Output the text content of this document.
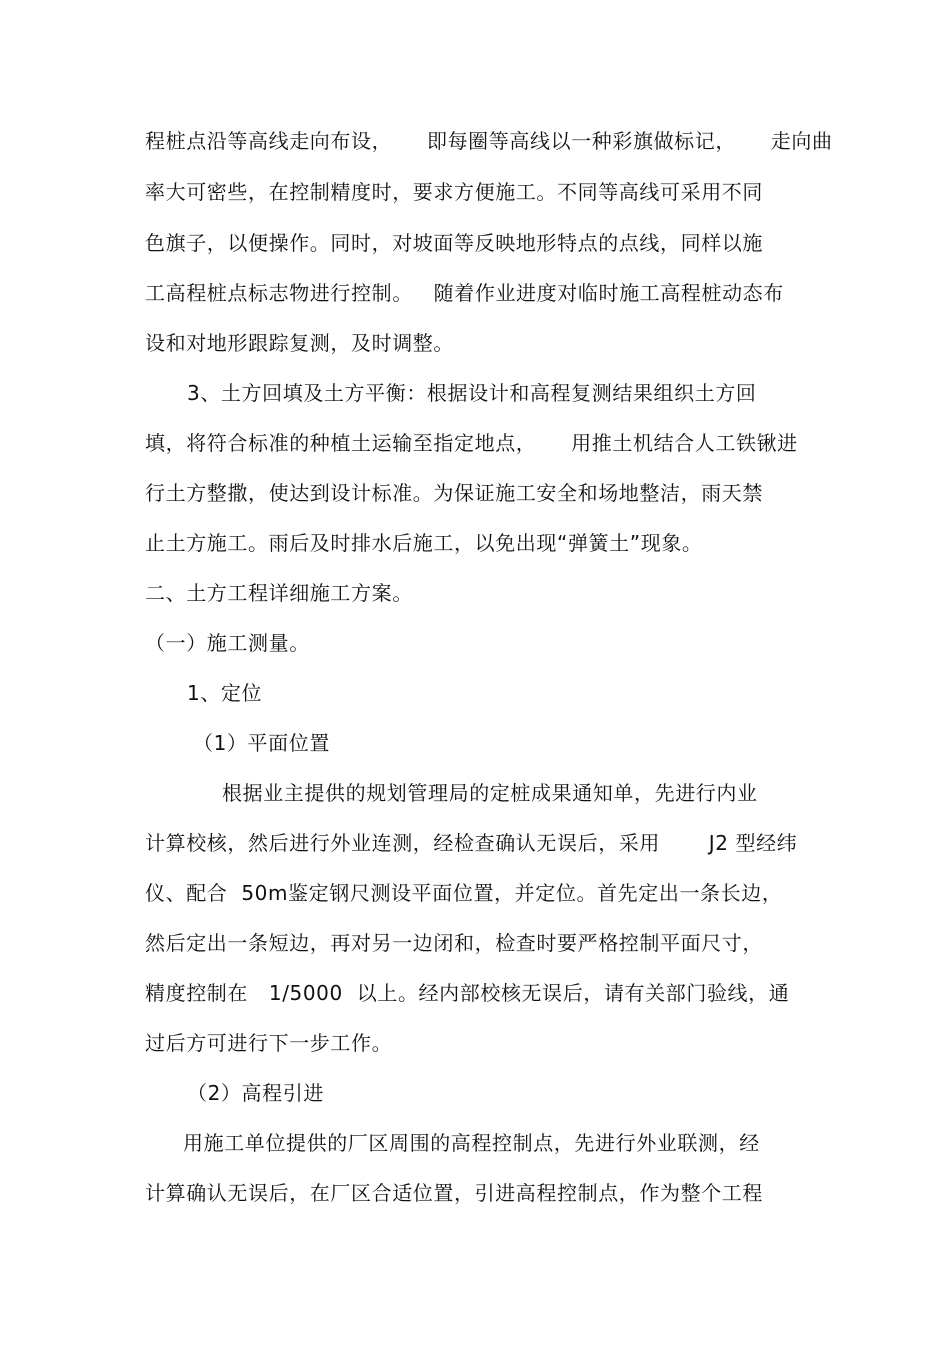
程桩点沿等高线走向布设，     即每圈等高线以一种彩旗做标记，     走向曲
率大可密些，在控制精度时，要求方便施工。不同等高线可采用不同
色旗子，以便操作。同时，对坡面等反映地形特点的点线，同样以施
工高程桩点标志物进行控制。   随着作业进度对临时施工高程桩动态布
设和对地形跟踪复测，及时调整。
3、土方回填及土方平衡：根据设计和高程复测结果组织土方回
填，将符合标准的种植土运输至指定地点，     用推土机结合人工铁锹进
行土方整撒，使达到设计标准。为保证施工安全和场地整洁，雨天禁
止土方施工。雨后及时排水后施工，以免出现“弹簧土”现象。
二、土方工程详细施工方案。
（一）施工测量。
1、定位
（1）平面位置
根据业主提供的规划管理局的定桩成果通知单，先进行内业
计算校核，然后进行外业连测，经检查确认无误后，采用       J2 型经纬
仪、配合  50m鉴定钢尺测设平面位置，并定位。首先定出一条长边，
然后定出一条短边，再对另一边闭和，检查时要严格控制平面尺寸，
精度控制在   1/5000  以上。经内部校核无误后，请有关部门验线，通
过后方可进行下一步工作。
（2）高程引进
用施工单位提供的厂区周围的高程控制点，先进行外业联测，经
计算确认无误后，在厂区合适位置，引进高程控制点，作为整个工程
